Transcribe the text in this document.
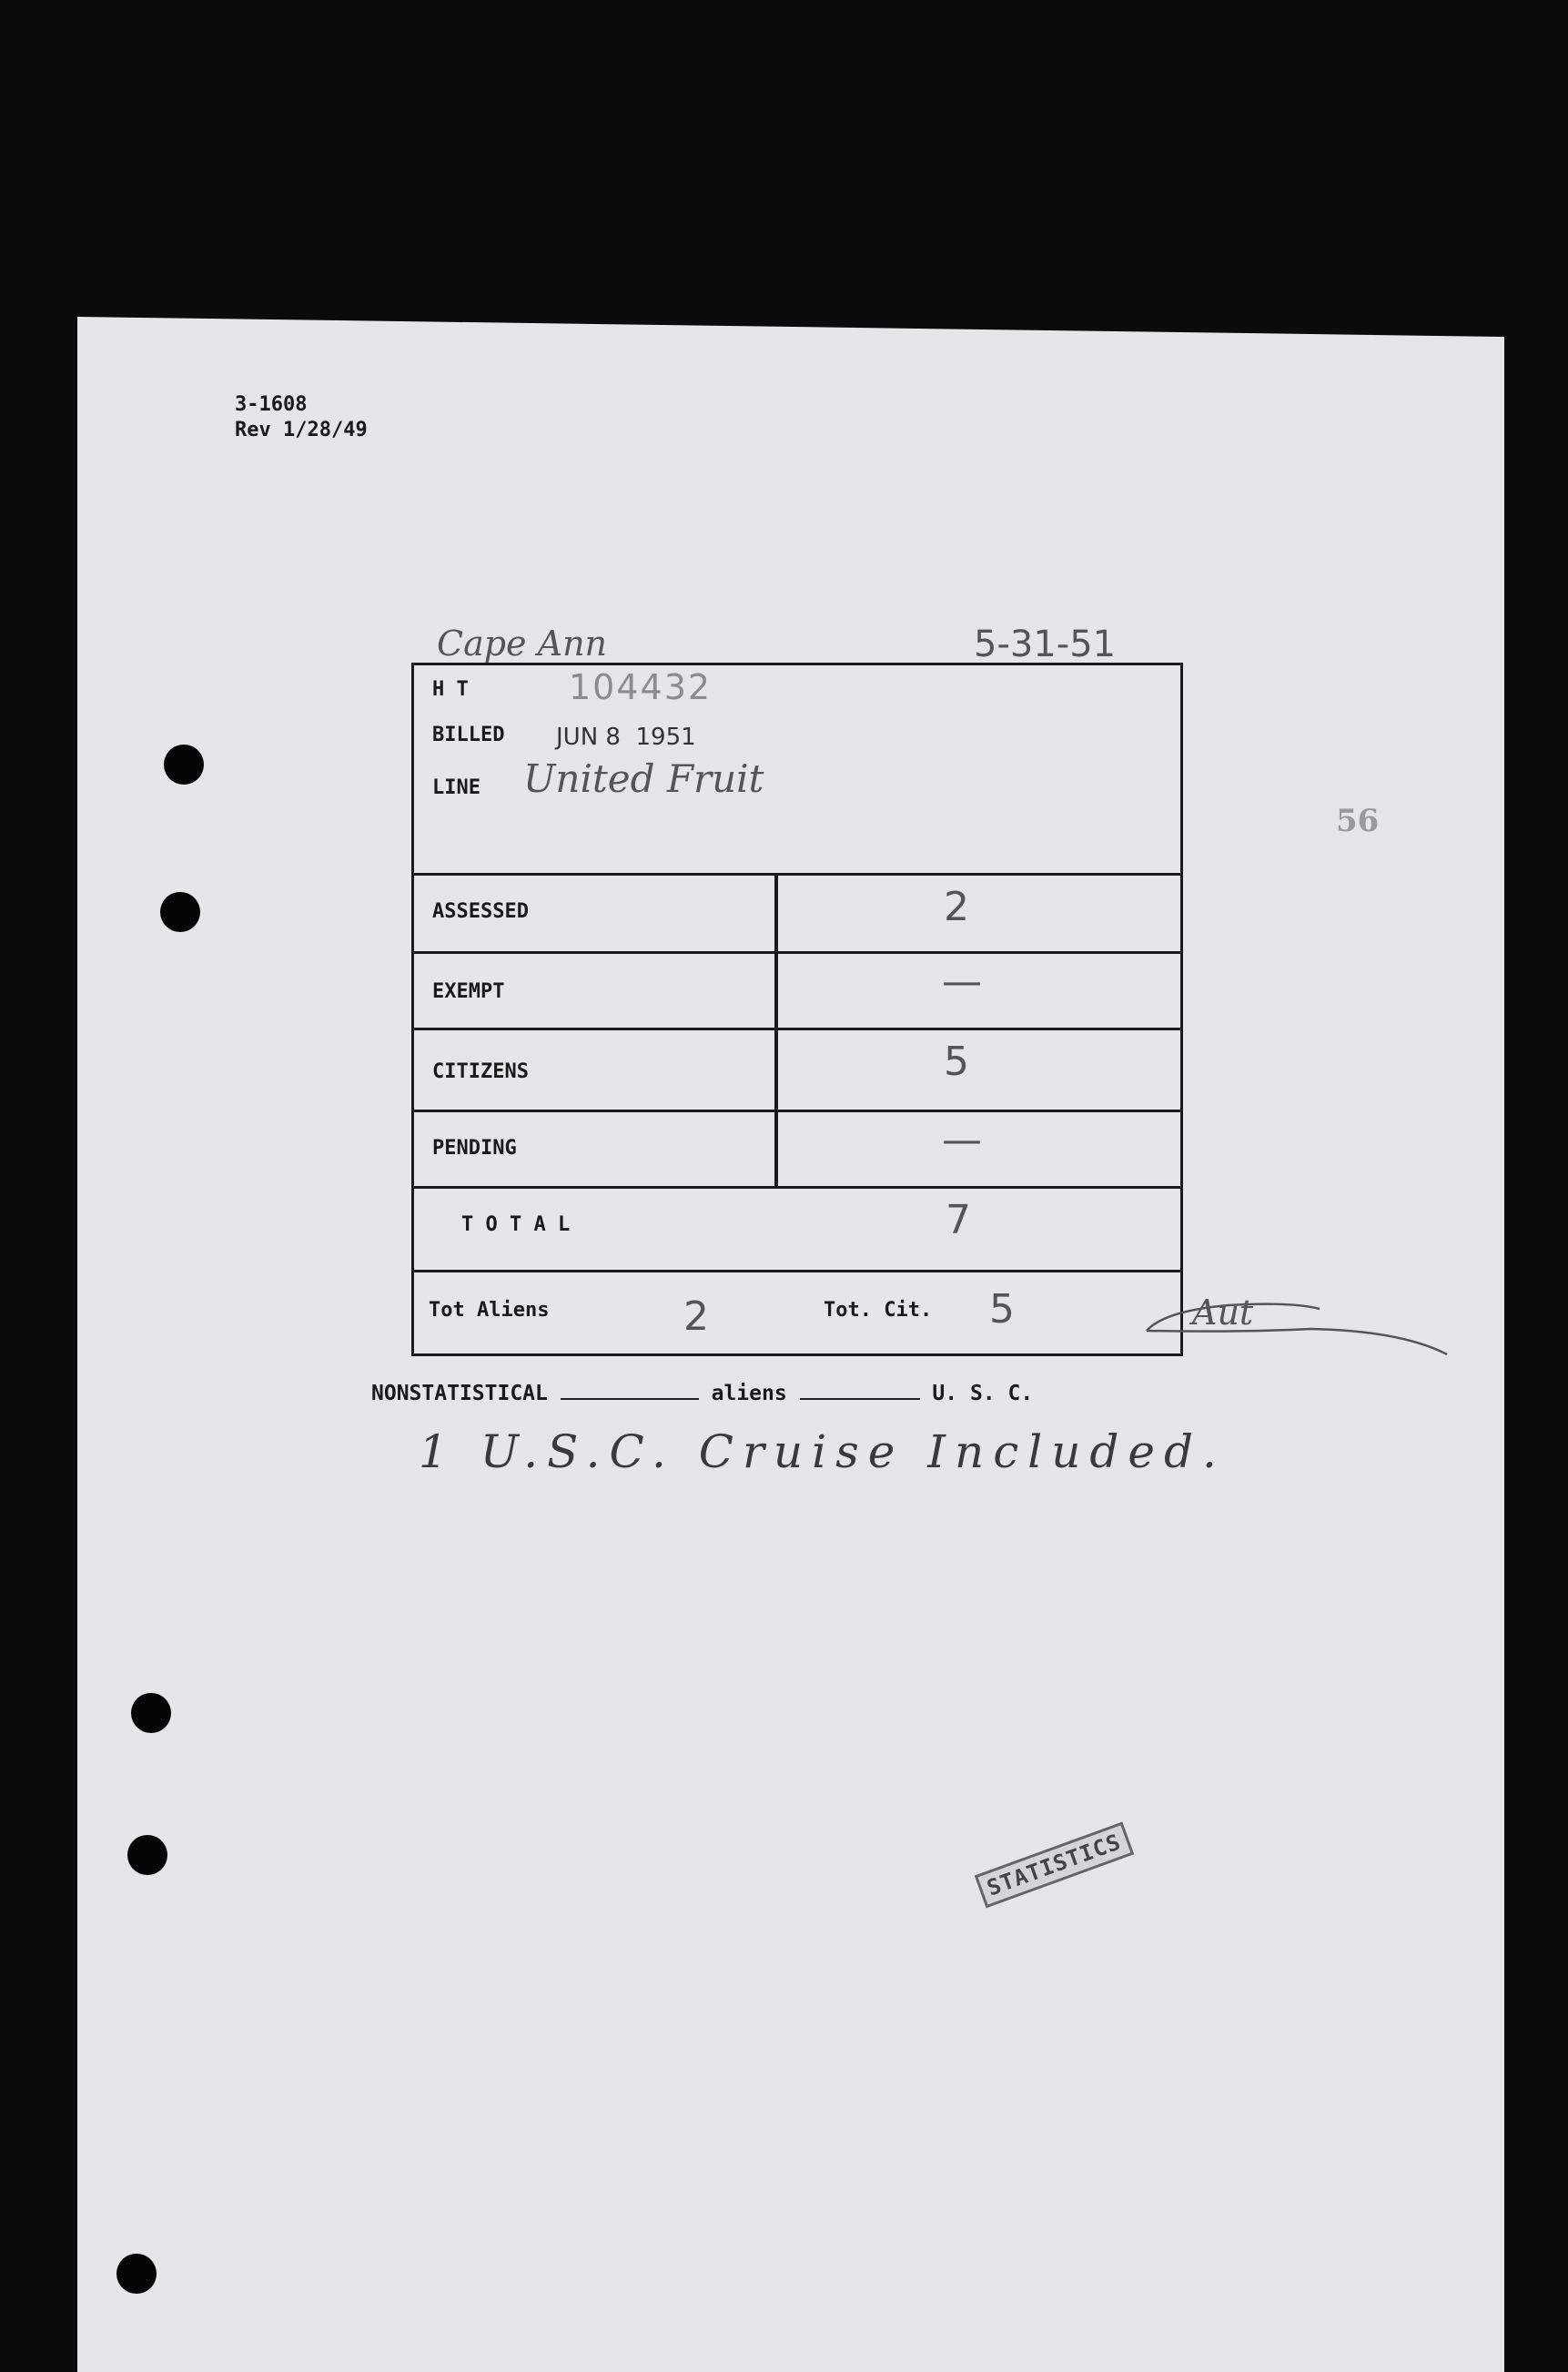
3-1608
Rev 1/28/49
Cape Ann	5-31-51
56
H T	104432
BILLED JUN 8  1951
LINE United Fruit
ASSESSED	2
EXEMPT	—
CITIZENS	5
PENDING	—
T O T A L	7
Tot Aliens	2	Tot. Cit. 5	Aut
NONSTATISTICAL	aliens	U. S. C.
1 U.S.C. Cruise Included.
STATISTICS
